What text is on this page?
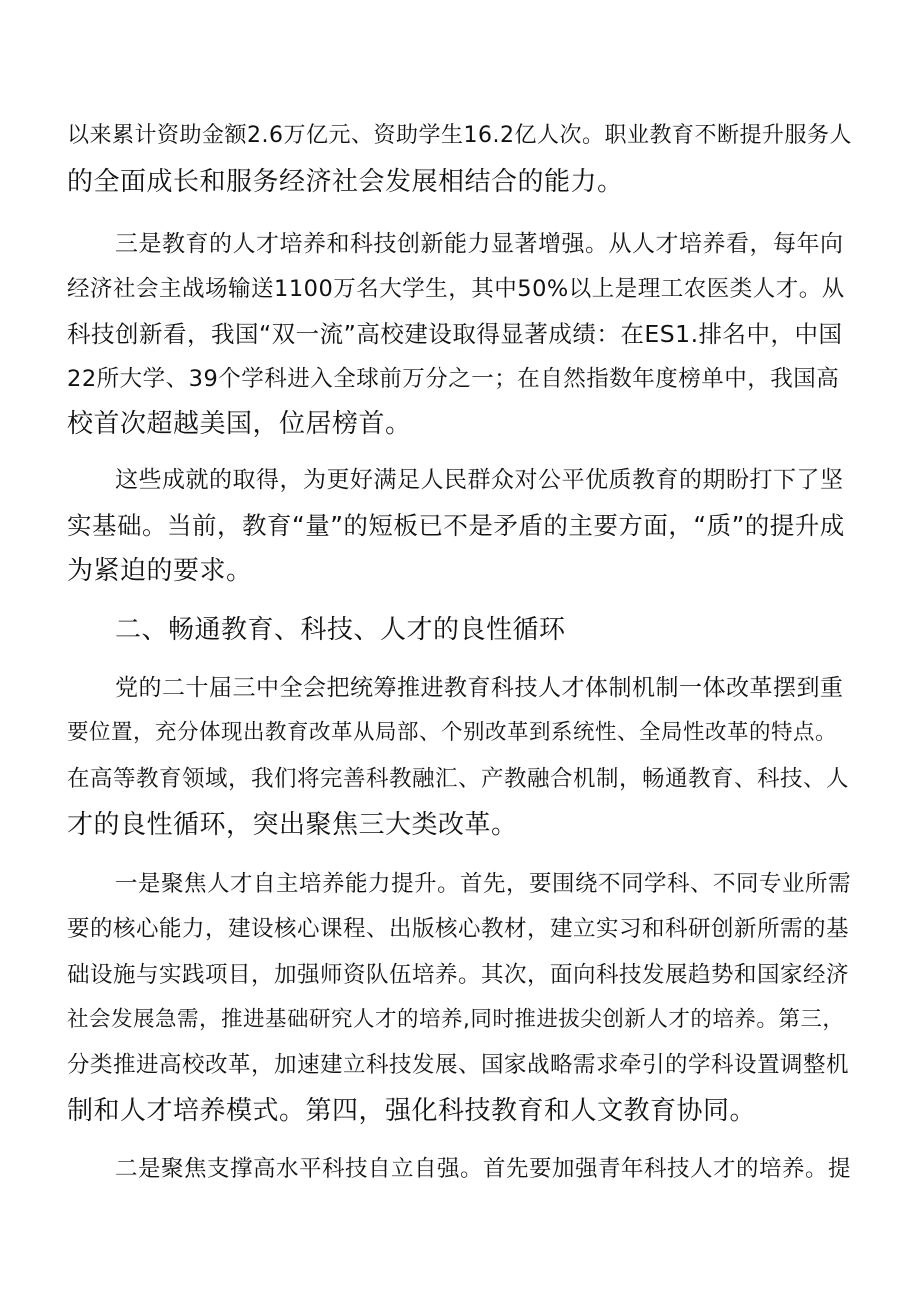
以来累计资助金额2.6万亿元、资助学生16.2亿人次。职业教育不断提升服务人
的全面成长和服务经济社会发展相结合的能力。
三是教育的人才培养和科技创新能力显著增强。从人才培养看，每年向
经济社会主战场输送1100万名大学生，其中50%以上是理工农医类人才。从
科技创新看，我国“双一流”高校建设取得显著成绩：在ES1.排名中，中国
22所大学、39个学科进入全球前万分之一；在自然指数年度榜单中，我国高
校首次超越美国，位居榜首。
这些成就的取得，为更好满足人民群众对公平优质教育的期盼打下了坚
实基础。当前，教育“量”的短板已不是矛盾的主要方面，“质”的提升成
为紧迫的要求。
二、畅通教育、科技、人才的良性循环
党的二十届三中全会把统筹推进教育科技人才体制机制一体改革摆到重
要位置，充分体现出教育改革从局部、个别改革到系统性、全局性改革的特点。
在高等教育领域，我们将完善科教融汇、产教融合机制，畅通教育、科技、人
才的良性循环，突出聚焦三大类改革。
一是聚焦人才自主培养能力提升。首先，要围绕不同学科、不同专业所需
要的核心能力，建设核心课程、出版核心教材，建立实习和科研创新所需的基
础设施与实践项目，加强师资队伍培养。其次，面向科技发展趋势和国家经济
社会发展急需，推进基础研究人才的培养,同时推进拔尖创新人才的培养。第三，
分类推进高校改革，加速建立科技发展、国家战略需求牵引的学科设置调整机
制和人才培养模式。第四，强化科技教育和人文教育协同。
二是聚焦支撑高水平科技自立自强。首先要加强青年科技人才的培养。提
